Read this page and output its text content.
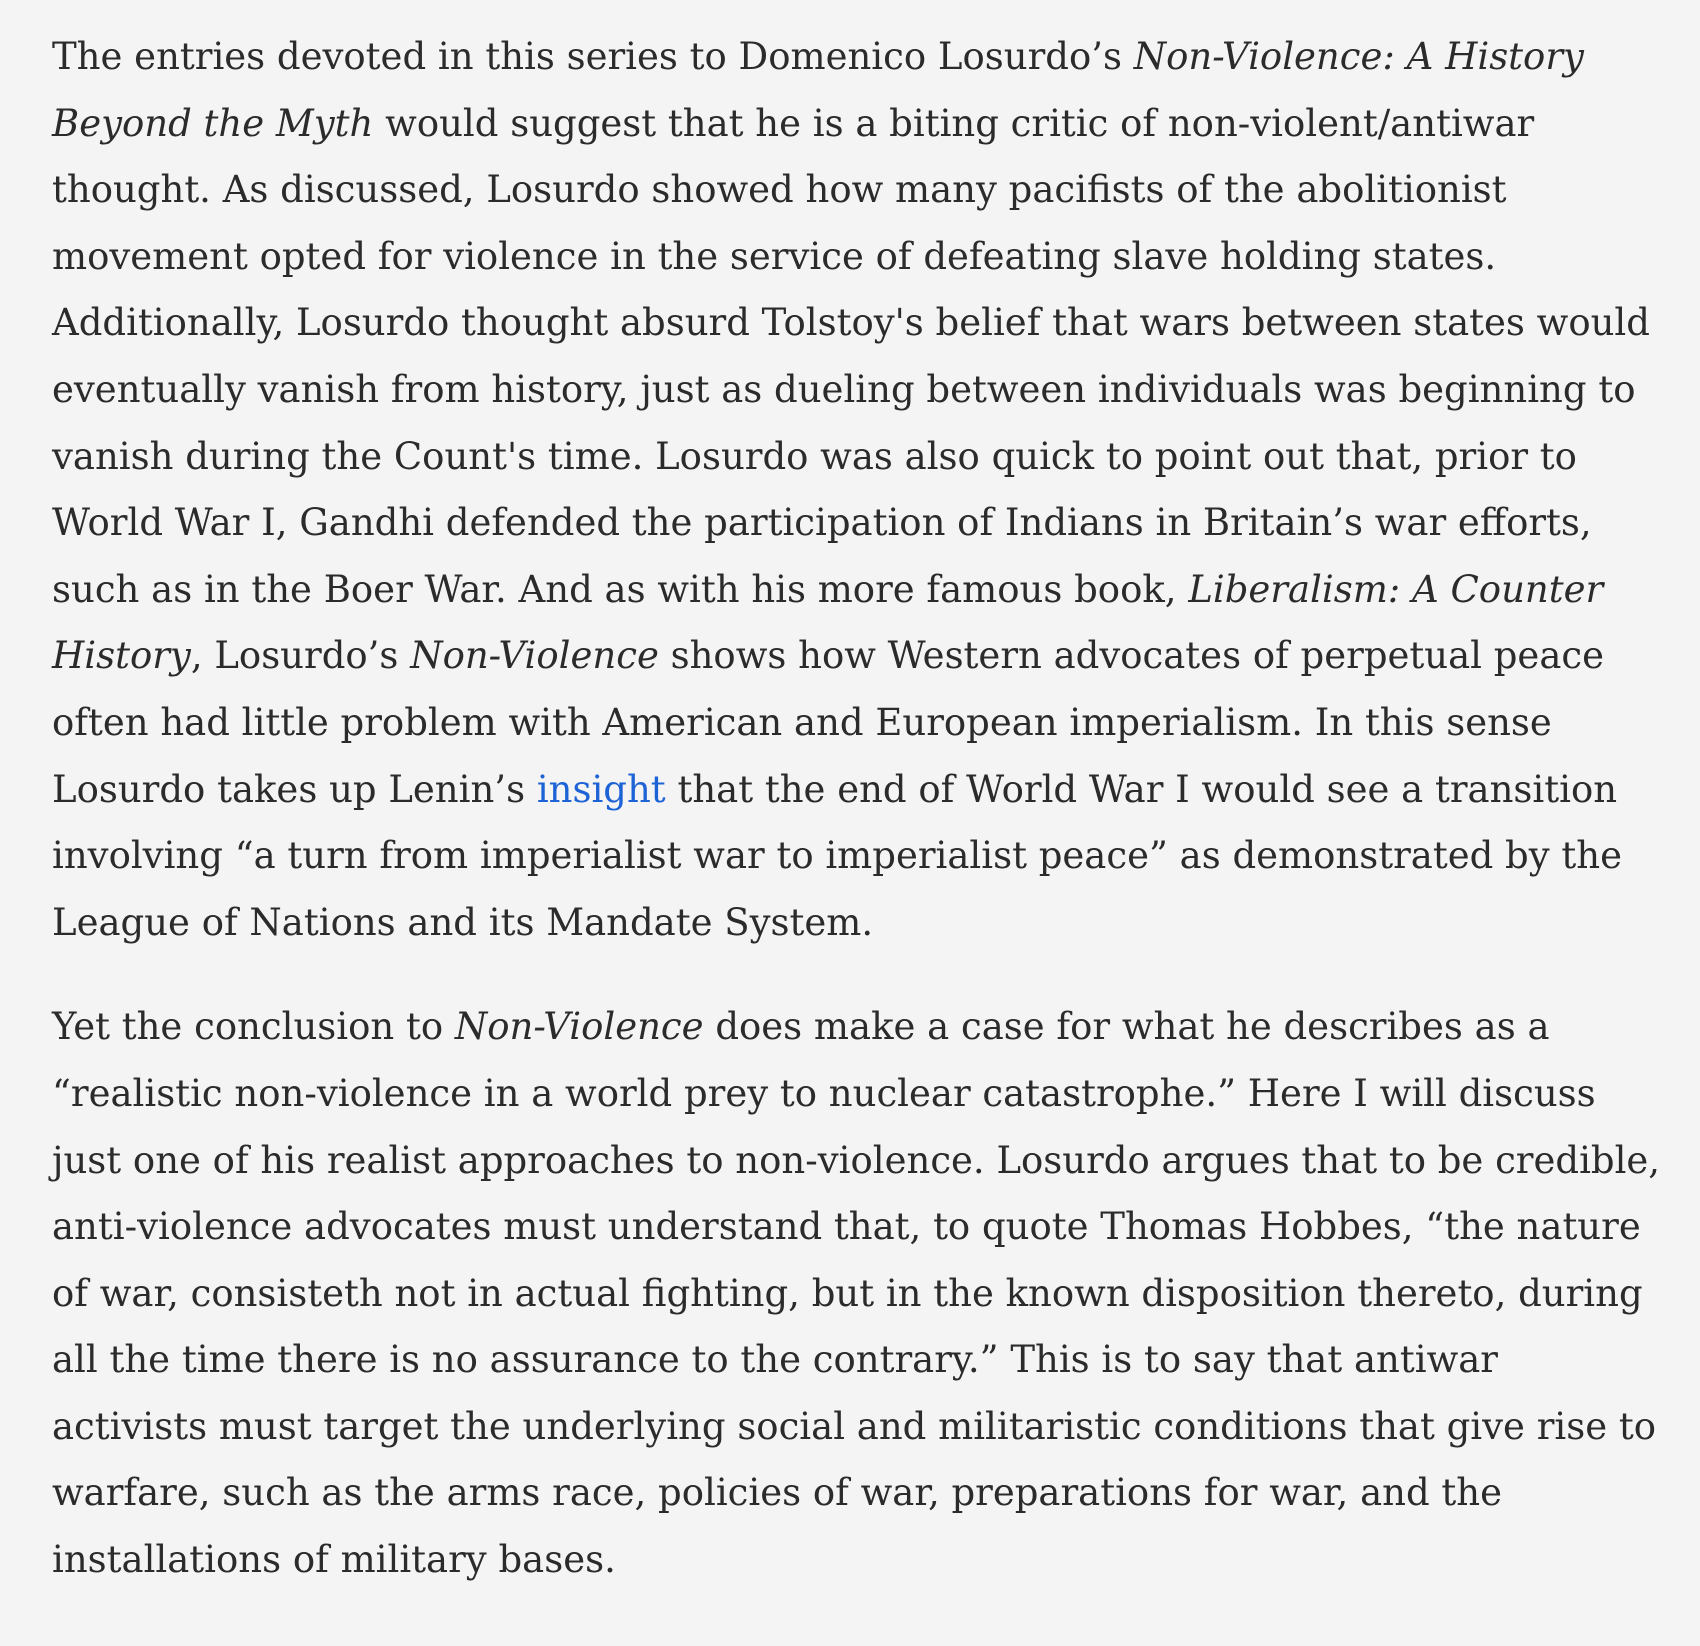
The entries devoted in this series to Domenico Losurdo’s Non-Violence: A History Beyond the Myth would suggest that he is a biting critic of non-violent/antiwar thought. As discussed, Losurdo showed how many pacifists of the abolitionist movement opted for violence in the service of defeating slave holding states. Additionally, Losurdo thought absurd Tolstoy's belief that wars between states would eventually vanish from history, just as dueling between individuals was beginning to vanish during the Count's time. Losurdo was also quick to point out that, prior to World War I, Gandhi defended the participation of Indians in Britain’s war efforts, such as in the Boer War. And as with his more famous book, Liberalism: A Counter History, Losurdo’s Non-Violence shows how Western advocates of perpetual peace often had little problem with American and European imperialism. In this sense Losurdo takes up Lenin’s insight that the end of World War I would see a transition involving “a turn from imperialist war to imperialist peace” as demonstrated by the League of Nations and its Mandate System.

Yet the conclusion to Non-Violence does make a case for what he describes as a “realistic non-violence in a world prey to nuclear catastrophe.” Here I will discuss just one of his realist approaches to non-violence. Losurdo argues that to be credible, anti-violence advocates must understand that, to quote Thomas Hobbes, “the nature of war, consisteth not in actual fighting, but in the known disposition thereto, during all the time there is no assurance to the contrary.” This is to say that antiwar activists must target the underlying social and militaristic conditions that give rise to warfare, such as the arms race, policies of war, preparations for war, and the installations of military bases.
